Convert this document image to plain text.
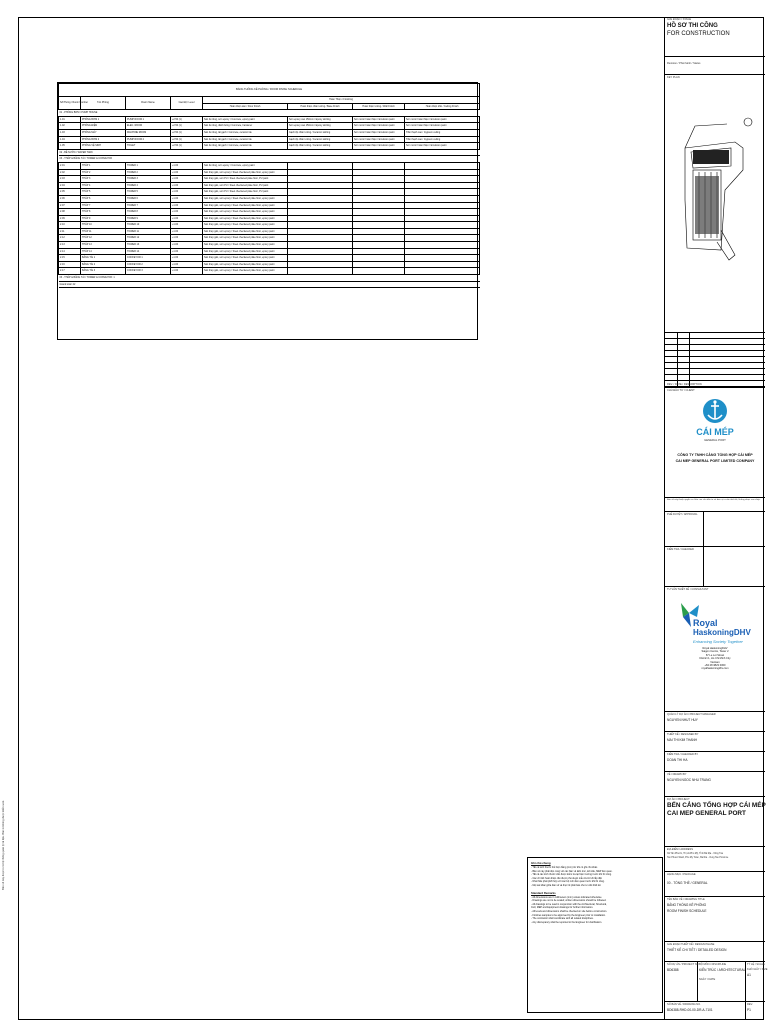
Bản vẽ này được in từ hệ thống quản lý tài liệu. Bản in không được kiểm soát.
BẢNG THỐNG KÊ PHÒNG / ROOM FINISH SCHEDULE							
Số Phòng / Room Number	Tên Phòng	Room Name	Cao Độ / Level	Hoàn Thiện / Finishing			
				Hoàn thiện sàn / Floor Finish	Hoàn thiện chân tường / Base Finish	Hoàn thiện tường / Wall Finish	Hoàn thiện trần / Ceiling Finish
01 - PHÒNG BƠM / PUMP HOUSE							
1.01	PHÒNG BƠM 1	PUMP ROOM 1	+2.50 (1)	Sàn bê tông, sơn epoxy / Concrete, epoxy paint	Sơn epoxy cao 150mm / Epoxy skirting	Sơn nước hoàn thiện / Emulsion paint	Sơn nước hoàn thiện / Emulsion paint
1.02	PHÒNG ĐIỆN	ELEC. ROOM	+2.50 (1)	Sàn bê tông, đánh bóng / Concrete, hardener	Sơn epoxy cao 150mm / Epoxy skirting	Sơn nước hoàn thiện / Emulsion paint	Sơn nước hoàn thiện / Emulsion paint
1.03	PHÒNG MÁY	MACHINE ROOM	+2.50 (1)	Sàn bê tông, lát gạch / Concrete, ceramic tile	Gạch ốp chân tường / Ceramic skirting	Sơn nước hoàn thiện / Emulsion paint	Trần thạch cao / Gypsum ceiling
1.04	PHÒNG BƠM 2	PUMP ROOM 2	+2.50 (1)	Sàn bê tông, lát gạch / Concrete, ceramic tile	Gạch ốp chân tường / Ceramic skirting	Sơn nước hoàn thiện / Emulsion paint	Trần thạch cao / Gypsum ceiling
1.05	PHÒNG VỆ SINH	TOILET	+2.50 (1)	Sàn bê tông, lát gạch / Concrete, ceramic tile	Gạch ốp chân tường / Ceramic skirting	Sơn nước hoàn thiện / Emulsion paint	Sơn nước hoàn thiện / Emulsion paint
02 - BỂ NƯỚC / WATER TANK							
03 - THÁP & BĂNG TẢI / TOWER & CONVEYOR							
2.01	THÁP 1	TOWER 1	+1.00	Sàn bê tông, sơn epoxy / Concrete, epoxy paint			
2.02	THÁP 2	TOWER 2	+1.00	Sàn thép gân, sơn epoxy / Steel checkered plate floor, epoxy paint			
2.03	THÁP 3	TOWER 3	+1.00	Sàn thép gân, sơn PU / Steel checkered plate floor, PU paint			
2.04	THÁP 4	TOWER 4	+1.00	Sàn thép gân, sơn PU / Steel checkered plate floor, PU paint			
2.05	THÁP 5	TOWER 5	+1.00	Sàn thép gân, sơn PU / Steel checkered plate floor, PU paint			
2.06	THÁP 6	TOWER 6	+1.00	Sàn thép gân, sơn epoxy / Steel checkered plate floor, epoxy paint			
2.07	THÁP 7	TOWER 7	+1.00	Sàn thép gân, sơn epoxy / Steel checkered plate floor, epoxy paint			
2.08	THÁP 8	TOWER 8	+1.00	Sàn thép gân, sơn epoxy / Steel checkered plate floor, epoxy paint			
2.09	THÁP 9	TOWER 9	+1.00	Sàn thép gân, sơn epoxy / Steel checkered plate floor, epoxy paint			
2.10	THÁP 10	TOWER 10	+1.00	Sàn thép gân, sơn epoxy / Steel checkered plate floor, epoxy paint			
2.11	THÁP 11	TOWER 11	+1.00	Sàn thép gân, sơn epoxy / Steel checkered plate floor, epoxy paint			
2.12	THÁP 12	TOWER 12	+1.00	Sàn thép gân, sơn epoxy / Steel checkered plate floor, epoxy paint			
2.13	THÁP 13	TOWER 13	+1.00	Sàn thép gân, sơn epoxy / Steel checkered plate floor, epoxy paint			
2.14	THÁP 14	TOWER 14	+1.00	Sàn thép gân, sơn epoxy / Steel checkered plate floor, epoxy paint			
2.15	BĂNG TẢI 1	CONVEYOR 1	+1.00	Sàn thép gân, sơn epoxy / Steel checkered plate floor, epoxy paint			
2.16	BĂNG TẢI 2	CONVEYOR 2	+1.00	Sàn thép gân, sơn epoxy / Steel checkered plate floor, epoxy paint			
2.17	BĂNG TẢI 3	CONVEYOR 3	+1.00	Sàn thép gân, sơn epoxy / Steel checkered plate floor, epoxy paint			
03 - THÁP & BĂNG TẢI / TOWER & CONVEYOR: 1							
Grand total: 22							
Ghi chú chung
- Tất cả kích thước thể hiện bằng (mm) trừ khi có ghi chú khác.
- Bản vẽ này phải đọc cùng với các bản vẽ kiến trúc, kết cấu, MEP liên quan.
- Tất cả các kích thước cần được kiểm tra tại hiện trường trước khi thi công.
- Các chi tiết hoàn thiện cần được phê duyệt mẫu trước khi lắp đặt.
- Nhà thầu phải phối hợp với các bộ môn liên quan trước khi thi công.
- Mọi sai khác giữa bản vẽ và thực tế phải báo cho tư vấn thiết kế.
Standard Remarks
- All dimensions are in millimeters (mm) unless indicated otherwise.
- Drawings are not to be scaled; written dimensions should be followed.
- All drawings to be read in conjunction with the Architectural, Structural,
Civil, MEP and Equipment drawings for further information.
- All levels and dimensions shall be checked on site before construction.
- Finishes samples to be approved by the Engineer prior to installation.
- The contractor shall coordinate with all related disciplines.
- Any discrepancy shall be reported to the Engineer for clarification.
GIAI ĐOẠN / STAGE
HỒ SƠ THI CÔNG
FOR CONSTRUCTION
Revision / Phát hành / Status
KEY PLAN
REV. / DATE / DESCRIPTION
CHỦ ĐẦU TƯ / CLIENT
CÁI MÉP
GENERAL PORT
CÔNG TY TNHH CẢNG TỔNG HỢP CÁI MÉP
CAI MEP GENERAL PORT LIMITED COMPANY
Bản vẽ này thuộc quyền sở hữu của chủ đầu tư và đơn vị tư vấn thiết kế, không được sao chép.
PHÊ DUYỆT / APPROVAL
KIỂM TRA / CHECKED
TƯ VẤN THIẾT KẾ / CONSULTANT
Royal
HaskoningDHV
Enhancing Society Together
Royal HaskoningDHV
Saigon Centre, Tower 2
67 Le Loi Street
District 1, Ho Chi Minh City
Vietnam
+84 28 3823 0300
royalhaskoningdhv.com
QUẢN LÝ DỰ ÁN / PROJECT MANAGER
NGUYEN NHUT HUY
THIẾT KẾ / DESIGNED BY
MAI THI KIM THANH
KIỂM TRA / CHECKED BY
DOAN THI HA
VẼ / DRAWN BY
NGUYEN NGOC NHU TRANG
DỰ ÁN / PROJECT
BẾN CẢNG TỔNG HỢP CÁI MÉP
CAI MEP GENERAL PORT
ĐỊA ĐIỂM / ADDRESS
Xã Tân Phước, Thị xã Phú Mỹ, Tỉnh Bà Rịa - Vũng Tàu
Tan Phuoc Ward, Phu My Town, Ba Ria - Vung Tau Province
HẠNG MỤC / PACKAGE
00 - TỔNG THỂ / GENERAL
TÊN BẢN VẼ / DRAWING TITLE
BẢNG THỐNG KÊ PHÒNG
ROOM FINISH SCHEDULE
GIAI ĐOẠN THIẾT KẾ / DESIGN PHASE
THIẾT KẾ CHI TIẾT / DETAILED DESIGN
SỐ DỰ ÁN / PROJECT NO.
BD6388
BỘ MÔN / DISCIPLINE
KIẾN TRÚC / ARCHITECTURAL
NGÀY / DATE
TỶ LỆ / SCALE
KHỔ GIẤY / SIZE
A1
SỐ BẢN VẼ / DRAWING NO.
BD6388-RHD-00-00-DR-A-7101
REV.
P1
